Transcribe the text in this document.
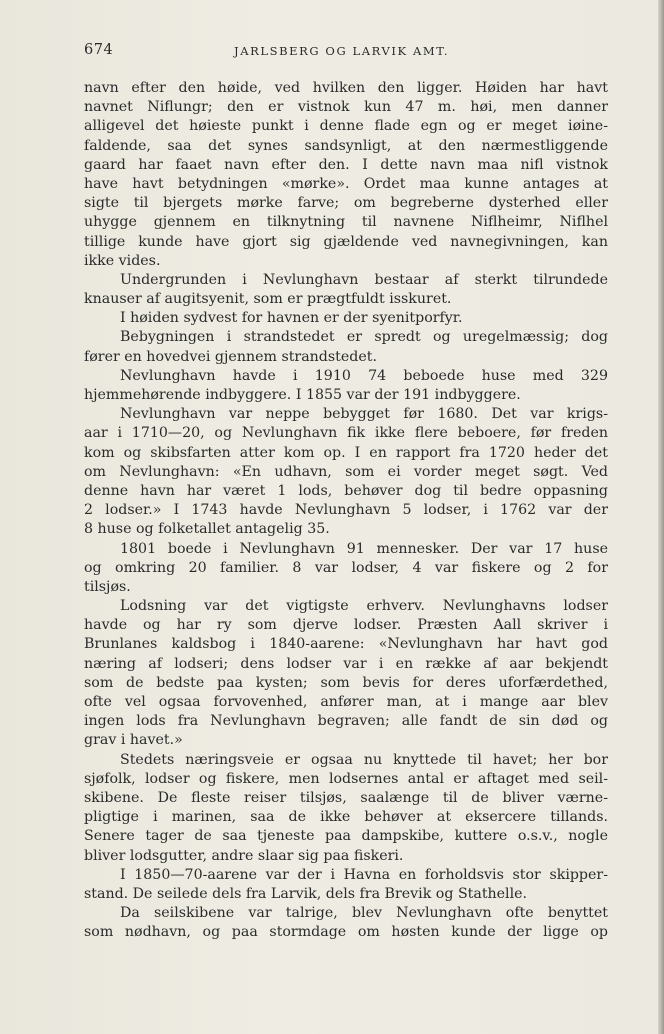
674	JARLSBERG OG LARVIK AMT.
navn efter den høide, ved hvilken den ligger. Høiden har havt
navnet Niflungr; den er vistnok kun 47 m. høi, men danner
alligevel det høieste punkt i denne flade egn og er meget iøine-
faldende, saa det synes sandsynligt, at den nærmestliggende
gaard har faaet navn efter den. I dette navn maa nifl vistnok
have havt betydningen «mørke». Ordet maa kunne antages at
sigte til bjergets mørke farve; om begreberne dysterhed eller
uhygge gjennem en tilknytning til navnene Niflheimr, Niflhel
tillige kunde have gjort sig gjældende ved navnegivningen, kan
ikke vides.
Undergrunden i Nevlunghavn bestaar af sterkt tilrundede
knauser af augitsyenit, som er prægtfuldt isskuret.
I høiden sydvest for havnen er der syenitporfyr.
Bebygningen i strandstedet er spredt og uregelmæssig; dog
fører en hovedvei gjennem strandstedet.
Nevlunghavn havde i 1910 74 beboede huse med 329
hjemmehørende indbyggere. I 1855 var der 191 indbyggere.
Nevlunghavn var neppe bebygget før 1680. Det var krigs-
aar i 1710—20, og Nevlunghavn fik ikke flere beboere, før freden
kom og skibsfarten atter kom op. I en rapport fra 1720 heder det
om Nevlunghavn: «En udhavn, som ei vorder meget søgt. Ved
denne havn har været 1 lods, behøver dog til bedre oppasning
2 lodser.» I 1743 havde Nevlunghavn 5 lodser, i 1762 var der
8 huse og folketallet antagelig 35.
1801 boede i Nevlunghavn 91 mennesker. Der var 17 huse
og omkring 20 familier. 8 var lodser, 4 var fiskere og 2 for
tilsjøs.
Lodsning var det vigtigste erhverv. Nevlunghavns lodser
havde og har ry som djerve lodser. Præsten Aall skriver i
Brunlanes kaldsbog i 1840-aarene: «Nevlunghavn har havt god
næring af lodseri; dens lodser var i en række af aar bekjendt
som de bedste paa kysten; som bevis for deres uforfærdethed,
ofte vel ogsaa forvovenhed, anfører man, at i mange aar blev
ingen lods fra Nevlunghavn begraven; alle fandt de sin død og
grav i havet.»
Stedets næringsveie er ogsaa nu knyttede til havet; her bor
sjøfolk, lodser og fiskere, men lodsernes antal er aftaget med seil-
skibene. De fleste reiser tilsjøs, saalænge til de bliver værne-
pligtige i marinen, saa de ikke behøver at eksercere tillands.
Senere tager de saa tjeneste paa dampskibe, kuttere o.s.v., nogle
bliver lodsgutter, andre slaar sig paa fiskeri.
I 1850—70-aarene var der i Havna en forholdsvis stor skipper-
stand. De seilede dels fra Larvik, dels fra Brevik og Stathelle.
Da seilskibene var talrige, blev Nevlunghavn ofte benyttet
som nødhavn, og paa stormdage om høsten kunde der ligge op
